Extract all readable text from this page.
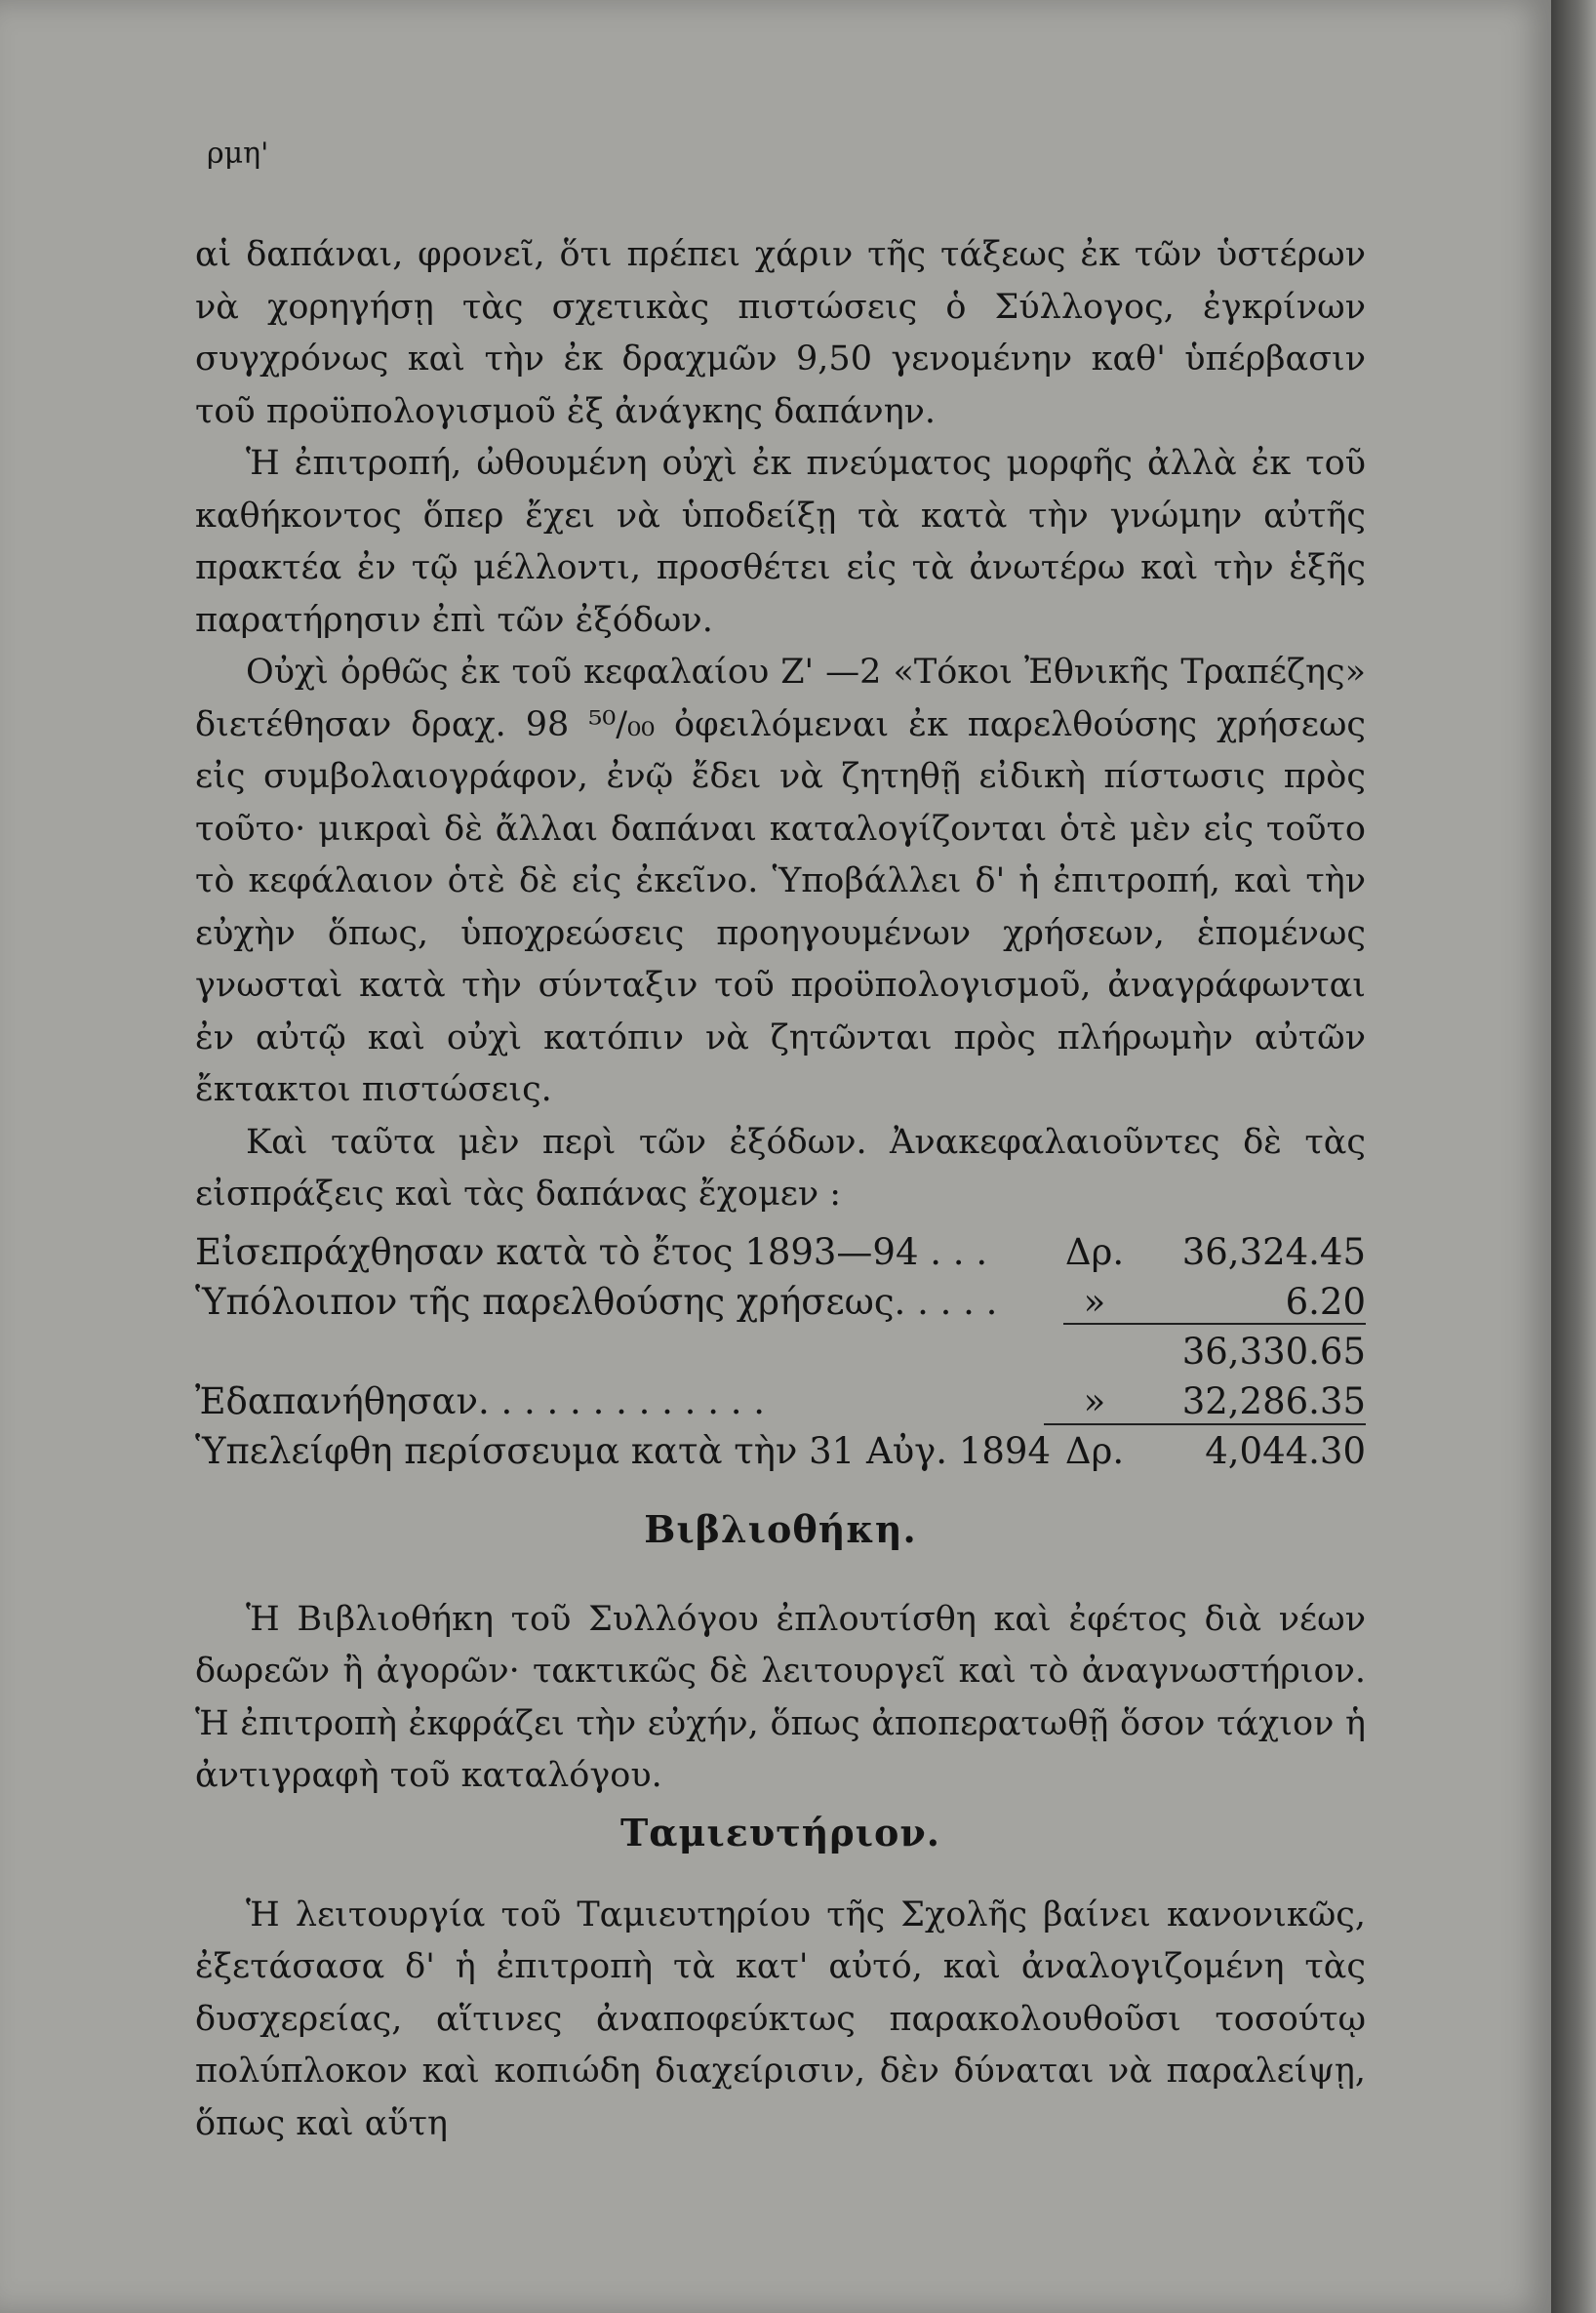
ρμη'

αἱ δαπάναι, φρονεῖ, ὅτι πρέπει χάριν τῆς τάξεως ἐκ τῶν ὑστέρων νὰ χορηγήσῃ τὰς σχετικὰς πιστώσεις ὁ Σύλλογος, ἐγκρίνων συγχρόνως καὶ τὴν ἐκ δραχμῶν 9,50 γενομένην καθ' ὑπέρβασιν τοῦ προϋπολογισμοῦ ἐξ ἀνάγκης δαπάνην.

Ἡ ἐπιτροπή, ὠθουμένη οὐχὶ ἐκ πνεύματος μορφῆς ἀλλὰ ἐκ τοῦ καθήκοντος ὅπερ ἔχει νὰ ὑποδείξῃ τὰ κατὰ τὴν γνώμην αὐτῆς πρακτέα ἐν τῷ μέλλοντι, προσθέτει εἰς τὰ ἀνωτέρω καὶ τὴν ἑξῆς παρατήρησιν ἐπὶ τῶν ἐξόδων.

Οὐχὶ ὀρθῶς ἐκ τοῦ κεφαλαίου Ζ' —2 «Τόκοι Ἐθνικῆς Τραπέζης» διετέθησαν δραχ. 98 ⁵⁰/₀₀ ὀφειλόμεναι ἐκ παρελθούσης χρήσεως εἰς συμβολαιογράφον, ἐνῷ ἔδει νὰ ζητηθῇ εἰδικὴ πίστωσις πρὸς τοῦτο· μικραὶ δὲ ἄλλαι δαπάναι καταλογίζονται ὁτὲ μὲν εἰς τοῦτο τὸ κεφάλαιον ὁτὲ δὲ εἰς ἐκεῖνο. Ὑποβάλλει δ' ἡ ἐπιτροπή, καὶ τὴν εὐχὴν ὅπως, ὑποχρεώσεις προηγουμένων χρήσεων, ἑπομένως γνωσταὶ κατὰ τὴν σύνταξιν τοῦ προϋπολογισμοῦ, ἀναγράφωνται ἐν αὐτῷ καὶ οὐχὶ κατόπιν νὰ ζητῶνται πρὸς πλήρωμὴν αὐτῶν ἔκτακτοι πιστώσεις.

Καὶ ταῦτα μὲν περὶ τῶν ἐξόδων. Ἀνακεφαλαιοῦντες δὲ τὰς εἰσπράξεις καὶ τὰς δαπάνας ἔχομεν :

Εἰσεπράχθησαν κατὰ τὸ ἔτος 1893—94 . . . Δρ. 36,324.45
Ὑπόλοιπον τῆς παρελθούσης χρήσεως. . . . .	»	6.20
36,330.65
Ἐδαπανήθησαν. . . . . . . . . . . . .	»	32,286.35
Ὑπελείφθη περίσσευμα κατὰ τὴν 31 Αὐγ. 1894 Δρ. 4,044.30
Βιβλιοθήκη.

Ἡ Βιβλιοθήκη τοῦ Συλλόγου ἐπλουτίσθη καὶ ἐφέτος διὰ νέων δωρεῶν ἢ ἀγορῶν· τακτικῶς δὲ λειτουργεῖ καὶ τὸ ἀναγνωστήριον. Ἡ ἐπιτροπὴ ἐκφράζει τὴν εὐχήν, ὅπως ἀποπερατωθῇ ὅσον τάχιον ἡ ἀντιγραφὴ τοῦ καταλόγου.

Ταμιευτήριον.

Ἡ λειτουργία τοῦ Ταμιευτηρίου τῆς Σχολῆς βαίνει κανονικῶς, ἐξετάσασα δ' ἡ ἐπιτροπὴ τὰ κατ' αὐτό, καὶ ἀναλογιζομένη τὰς δυσχερείας, αἵτινες ἀναποφεύκτως παρακολουθοῦσι τοσούτῳ πολύπλοκον καὶ κοπιώδη διαχείρισιν, δὲν δύναται νὰ παραλείψῃ, ὅπως καὶ αὕτη
